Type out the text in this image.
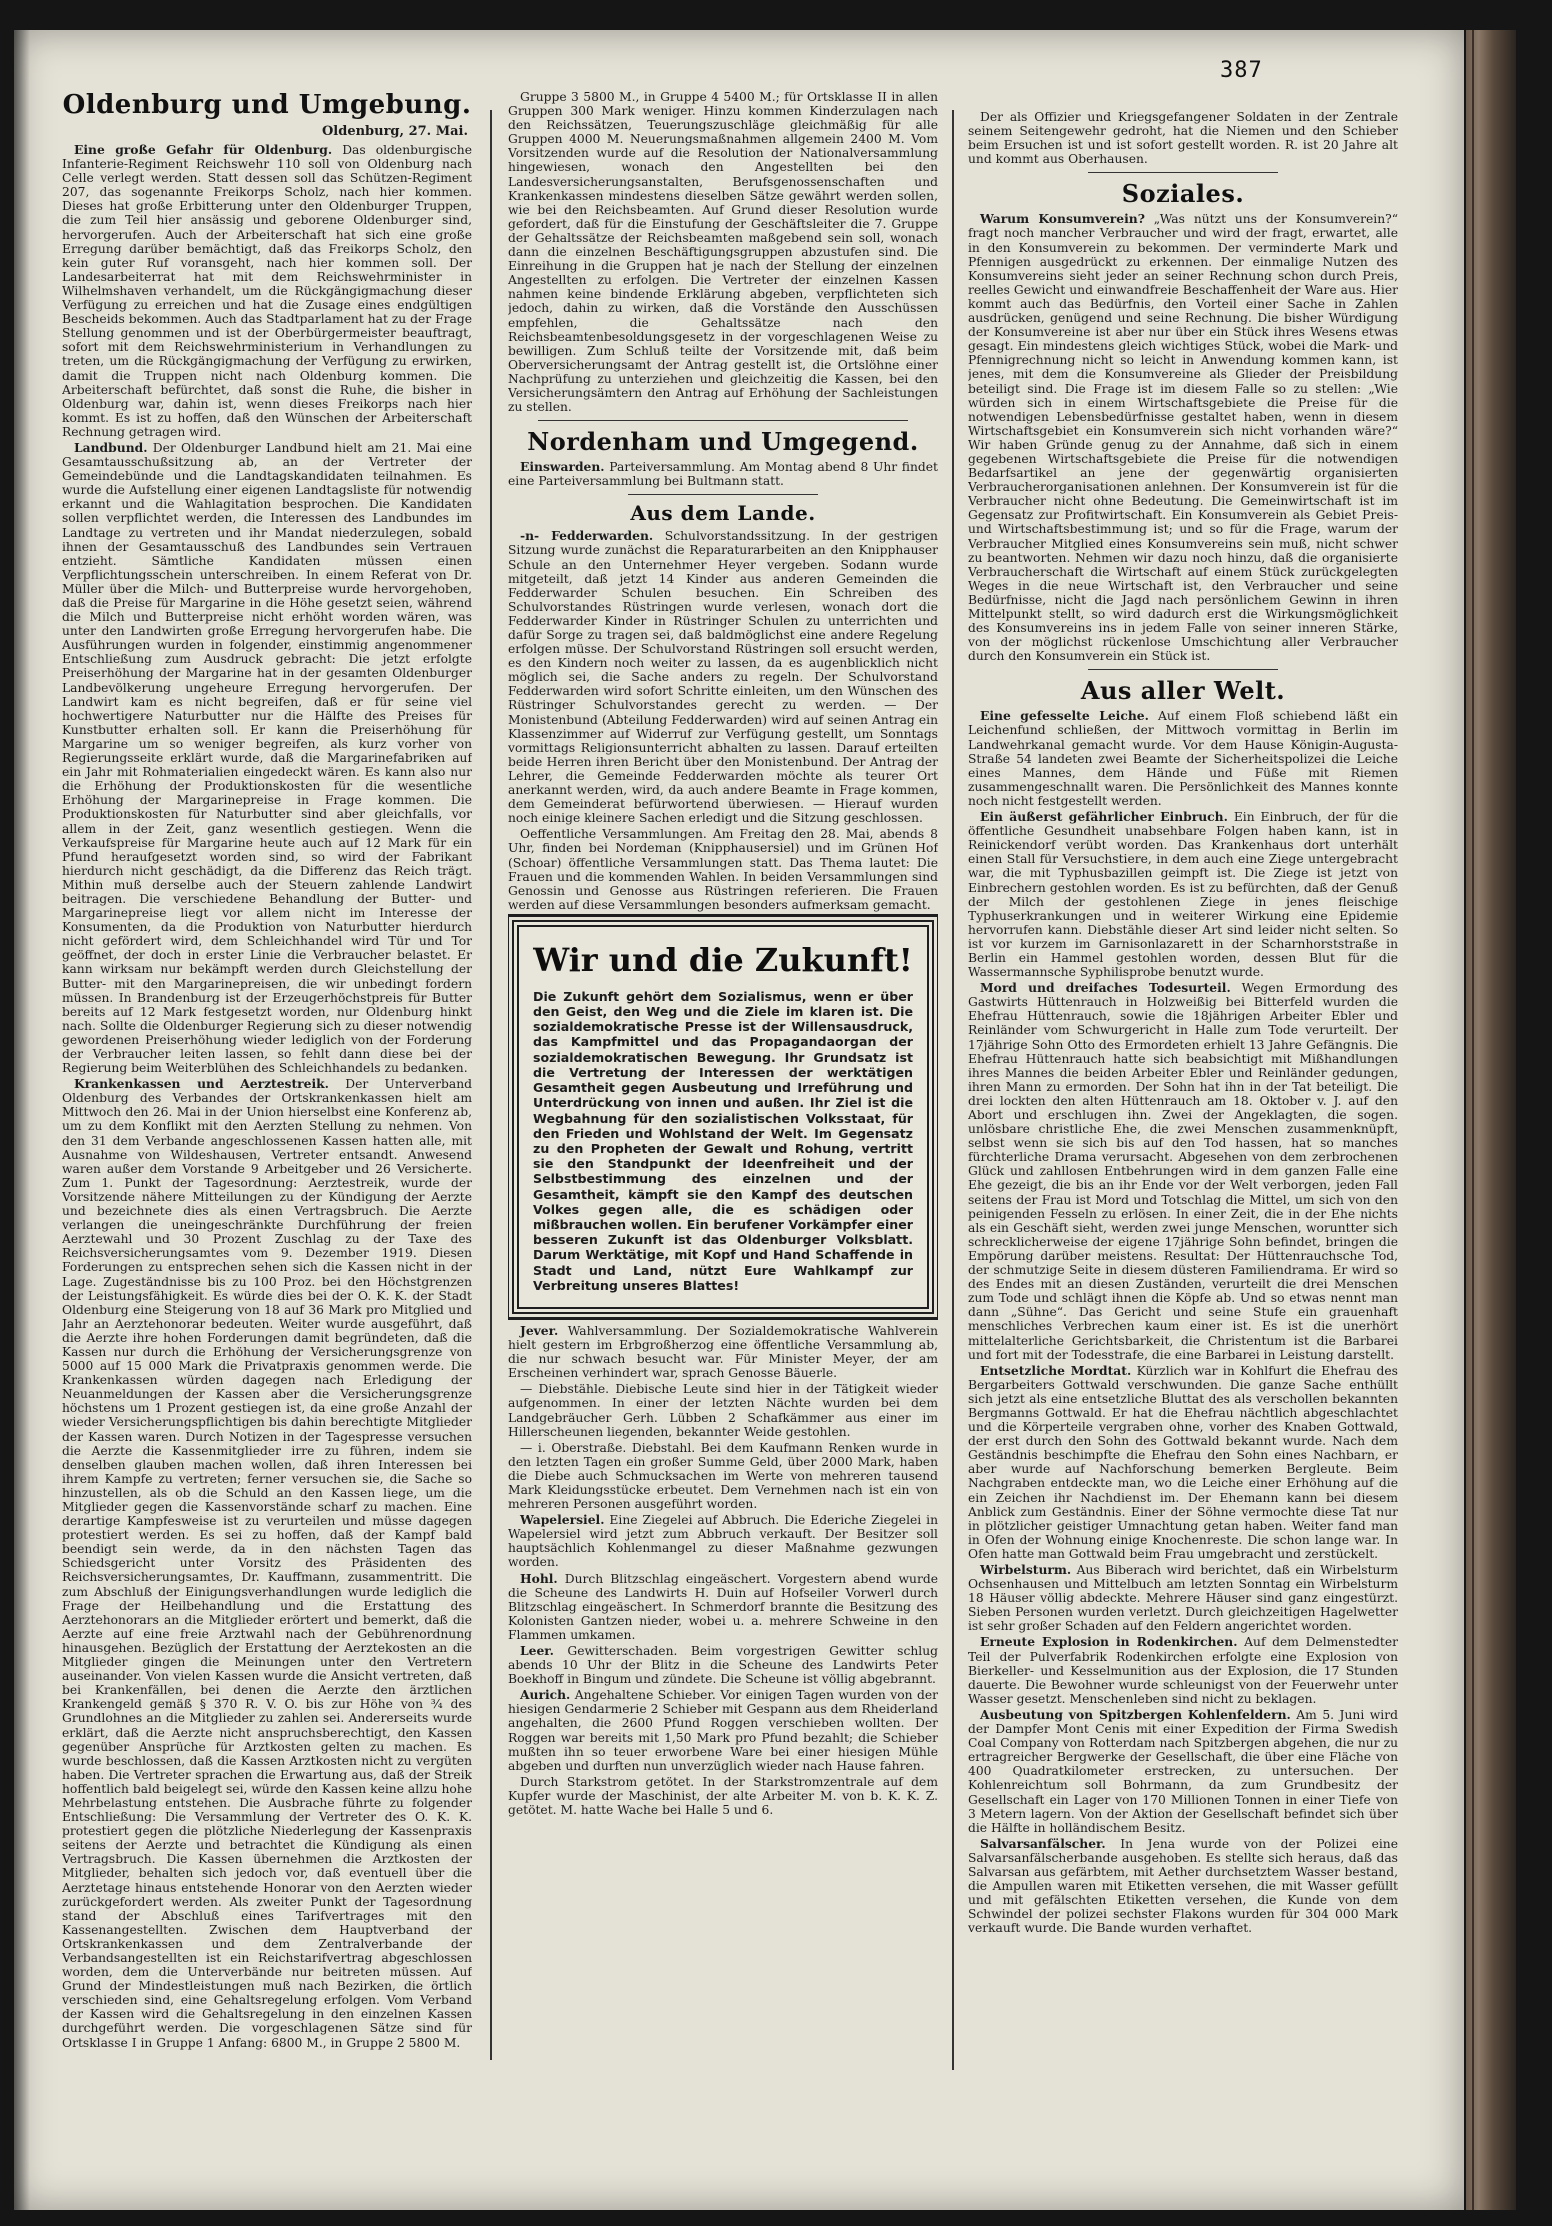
387
Oldenburg und Umgebung.
Oldenburg, 27. Mai.

Eine große Gefahr für Oldenburg. Das oldenburgische Infanterie-Regiment Reichswehr 110 soll von Oldenburg nach Celle verlegt werden. Statt dessen soll das Schützen-Regiment 207, das sogenannte Freikorps Scholz, nach hier kommen. Dieses hat große Erbitterung unter den Oldenburger Truppen, die zum Teil hier ansässig und geborene Oldenburger sind, hervorgerufen. Auch der Arbeiterschaft hat sich eine große Erregung darüber bemächtigt, daß das Freikorps Scholz, den kein guter Ruf voransgeht, nach hier kommen soll. Der Landesarbeiterrat hat mit dem Reichswehrminister in Wilhelmshaven verhandelt, um die Rückgängigmachung dieser Verfügung zu erreichen und hat die Zusage eines endgültigen Bescheids bekommen. Auch das Stadtparlament hat zu der Frage Stellung genommen und ist der Oberbürgermeister beauftragt, sofort mit dem Reichswehrministerium in Verhandlungen zu treten, um die Rückgängigmachung der Verfügung zu erwirken, damit die Truppen nicht nach Oldenburg kommen. Die Arbeiterschaft befürchtet, daß sonst die Ruhe, die bisher in Oldenburg war, dahin ist, wenn dieses Freikorps nach hier kommt. Es ist zu hoffen, daß den Wünschen der Arbeiterschaft Rechnung getragen wird.

Landbund. Der Oldenburger Landbund hielt am 21. Mai eine Gesamtausschußsitzung ab, an der Vertreter der Gemeindebünde und die Landtagskandidaten teilnahmen. Es wurde die Aufstellung einer eigenen Landtagsliste für notwendig erkannt und die Wahlagitation besprochen. Die Kandidaten sollen verpflichtet werden, die Interessen des Landbundes im Landtage zu vertreten und ihr Mandat niederzulegen, sobald ihnen der Gesamtausschuß des Landbundes sein Vertrauen entzieht. Sämtliche Kandidaten müssen einen Verpflichtungsschein unterschreiben. In einem Referat von Dr. Müller über die Milch- und Butterpreise wurde hervorgehoben, daß die Preise für Margarine in die Höhe gesetzt seien, während die Milch und Butterpreise nicht erhöht worden wären, was unter den Landwirten große Erregung hervorgerufen habe. Die Ausführungen wurden in folgender, einstimmig angenommener Entschließung zum Ausdruck gebracht: Die jetzt erfolgte Preiserhöhung der Margarine hat in der gesamten Oldenburger Landbevölkerung ungeheure Erregung hervorgerufen. Der Landwirt kam es nicht begreifen, daß er für seine viel hochwertigere Naturbutter nur die Hälfte des Preises für Kunstbutter erhalten soll. Er kann die Preiserhöhung für Margarine um so weniger begreifen, als kurz vorher von Regierungsseite erklärt wurde, daß die Margarinefabriken auf ein Jahr mit Rohmaterialien eingedeckt wären. Es kann also nur die Erhöhung der Produktionskosten für die wesentliche Erhöhung der Margarinepreise in Frage kommen. Die Produktionskosten für Naturbutter sind aber gleichfalls, vor allem in der Zeit, ganz wesentlich gestiegen. Wenn die Verkaufspreise für Margarine heute auch auf 12 Mark für ein Pfund heraufgesetzt worden sind, so wird der Fabrikant hierdurch nicht geschädigt, da die Differenz das Reich trägt. Mithin muß derselbe auch der Steuern zahlende Landwirt beitragen. Die verschiedene Behandlung der Butter- und Margarinepreise liegt vor allem nicht im Interesse der Konsumenten, da die Produktion von Naturbutter hierdurch nicht gefördert wird, dem Schleichhandel wird Tür und Tor geöffnet, der doch in erster Linie die Verbraucher belastet. Er kann wirksam nur bekämpft werden durch Gleichstellung der Butter- mit den Margarinepreisen, die wir unbedingt fordern müssen. In Brandenburg ist der Erzeugerhöchstpreis für Butter bereits auf 12 Mark festgesetzt worden, nur Oldenburg hinkt nach. Sollte die Oldenburger Regierung sich zu dieser notwendig gewordenen Preiserhöhung wieder lediglich von der Forderung der Verbraucher leiten lassen, so fehlt dann diese bei der Regierung beim Weiterblühen des Schleichhandels zu bedanken.

Krankenkassen und Aerztestreik. Der Unterverband Oldenburg des Verbandes der Ortskrankenkassen hielt am Mittwoch den 26. Mai in der Union hierselbst eine Konferenz ab, um zu dem Konflikt mit den Aerzten Stellung zu nehmen. Von den 31 dem Verbande angeschlossenen Kassen hatten alle, mit Ausnahme von Wildeshausen, Vertreter entsandt. Anwesend waren außer dem Vorstande 9 Arbeitgeber und 26 Versicherte. Zum 1. Punkt der Tagesordnung: Aerztestreik, wurde der Vorsitzende nähere Mitteilungen zu der Kündigung der Aerzte und bezeichnete dies als einen Vertragsbruch. Die Aerzte verlangen die uneingeschränkte Durchführung der freien Aerztewahl und 30 Prozent Zuschlag zu der Taxe des Reichsversicherungsamtes vom 9. Dezember 1919. Diesen Forderungen zu entsprechen sehen sich die Kassen nicht in der Lage. Zugeständnisse bis zu 100 Proz. bei den Höchstgrenzen der Leistungsfähigkeit. Es würde dies bei der O. K. K. der Stadt Oldenburg eine Steigerung von 18 auf 36 Mark pro Mitglied und Jahr an Aerztehonorar bedeuten. Weiter wurde ausgeführt, daß die Aerzte ihre hohen Forderungen damit begründeten, daß die Kassen nur durch die Erhöhung der Versicherungsgrenze von 5000 auf 15 000 Mark die Privatpraxis genommen werde. Die Krankenkassen würden dagegen nach Erledigung der Neuanmeldungen der Kassen aber die Versicherungsgrenze höchstens um 1 Prozent gestiegen ist, da eine große Anzahl der wieder Versicherungspflichtigen bis dahin berechtigte Mitglieder der Kassen waren. Durch Notizen in der Tagespresse versuchen die Aerzte die Kassenmitglieder irre zu führen, indem sie denselben glauben machen wollen, daß ihren Interessen bei ihrem Kampfe zu vertreten; ferner versuchen sie, die Sache so hinzustellen, als ob die Schuld an den Kassen liege, um die Mitglieder gegen die Kassenvorstände scharf zu machen. Eine derartige Kampfesweise ist zu verurteilen und müsse dagegen protestiert werden. Es sei zu hoffen, daß der Kampf bald beendigt sein werde, da in den nächsten Tagen das Schiedsgericht unter Vorsitz des Präsidenten des Reichsversicherungsamtes, Dr. Kauffmann, zusammentritt. Die zum Abschluß der Einigungsverhandlungen wurde lediglich die Frage der Heilbehandlung und die Erstattung des Aerztehonorars an die Mitglieder erörtert und bemerkt, daß die Aerzte auf eine freie Arztwahl nach der Gebührenordnung hinausgehen. Bezüglich der Erstattung der Aerztekosten an die Mitglieder gingen die Meinungen unter den Vertretern auseinander. Von vielen Kassen wurde die Ansicht vertreten, daß bei Krankenfällen, bei denen die Aerzte den ärztlichen Krankengeld gemäß § 370 R. V. O. bis zur Höhe von ¾ des Grundlohnes an die Mitglieder zu zahlen sei. Andererseits wurde erklärt, daß die Aerzte nicht anspruchsberechtigt, den Kassen gegenüber Ansprüche für Arztkosten gelten zu machen. Es wurde beschlossen, daß die Kassen Arztkosten nicht zu vergüten haben. Die Vertreter sprachen die Erwartung aus, daß der Streik hoffentlich bald beigelegt sei, würde den Kassen keine allzu hohe Mehrbelastung entstehen. Die Ausbrache führte zu folgender Entschließung: Die Versammlung der Vertreter des O. K. K. protestiert gegen die plötzliche Niederlegung der Kassenpraxis seitens der Aerzte und betrachtet die Kündigung als einen Vertragsbruch. Die Kassen übernehmen die Arztkosten der Mitglieder, behalten sich jedoch vor, daß eventuell über die Aerztetage hinaus entstehende Honorar von den Aerzten wieder zurückgefordert werden. Als zweiter Punkt der Tagesordnung stand der Abschluß eines Tarifvertrages mit den Kassenangestellten. Zwischen dem Hauptverband der Ortskrankenkassen und dem Zentralverbande der Verbandsangestellten ist ein Reichstarifvertrag abgeschlossen worden, dem die Unterverbände nur beitreten müssen. Auf Grund der Mindestleistungen muß nach Bezirken, die örtlich verschieden sind, eine Gehaltsregelung erfolgen. Vom Verband der Kassen wird die Gehaltsregelung in den einzelnen Kassen durchgeführt werden. Die vorgeschlagenen Sätze sind für Ortsklasse I in Gruppe 1 Anfang: 6800 M., in Gruppe 2 5800 M.

Gruppe 3 5800 M., in Gruppe 4 5400 M.; für Ortsklasse II in allen Gruppen 300 Mark weniger. Hinzu kommen Kinderzulagen nach den Reichssätzen, Teuerungszuschläge gleichmäßig für alle Gruppen 4000 M. Neuerungsmaßnahmen allgemein 2400 M. Vom Vorsitzenden wurde auf die Resolution der Nationalversammlung hingewiesen, wonach den Angestellten bei den Landesversicherungsanstalten, Berufsgenossenschaften und Krankenkassen mindestens dieselben Sätze gewährt werden sollen, wie bei den Reichsbeamten. Auf Grund dieser Resolution wurde gefordert, daß für die Einstufung der Geschäftsleiter die 7. Gruppe der Gehaltssätze der Reichsbeamten maßgebend sein soll, wonach dann die einzelnen Beschäftigungsgruppen abzustufen sind. Die Einreihung in die Gruppen hat je nach der Stellung der einzelnen Angestellten zu erfolgen. Die Vertreter der einzelnen Kassen nahmen keine bindende Erklärung abgeben, verpflichteten sich jedoch, dahin zu wirken, daß die Vorstände den Ausschüssen empfehlen, die Gehaltssätze nach den Reichsbeamtenbesoldungsgesetz in der vorgeschlagenen Weise zu bewilligen. Zum Schluß teilte der Vorsitzende mit, daß beim Oberversicherungsamt der Antrag gestellt ist, die Ortslöhne einer Nachprüfung zu unterziehen und gleichzeitig die Kassen, bei den Versicherungsämtern den Antrag auf Erhöhung der Sachleistungen zu stellen.

Nordenham und Umgegend.

Einswarden. Parteiversammlung. Am Montag abend 8 Uhr findet eine Parteiversammlung bei Bultmann statt.

Aus dem Lande.

-n- Fedderwarden. Schulvorstandssitzung. In der gestrigen Sitzung wurde zunächst die Reparaturarbeiten an den Knipphauser Schule an den Unternehmer Heyer vergeben. Sodann wurde mitgeteilt, daß jetzt 14 Kinder aus anderen Gemeinden die Fedderwarder Schulen besuchen. Ein Schreiben des Schulvorstandes Rüstringen wurde verlesen, wonach dort die Fedderwarder Kinder in Rüstringer Schulen zu unterrichten und dafür Sorge zu tragen sei, daß baldmöglichst eine andere Regelung erfolgen müsse. Der Schulvorstand Rüstringen soll ersucht werden, es den Kindern noch weiter zu lassen, da es augenblicklich nicht möglich sei, die Sache anders zu regeln. Der Schulvorstand Fedderwarden wird sofort Schritte einleiten, um den Wünschen des Rüstringer Schulvorstandes gerecht zu werden. — Der Monistenbund (Abteilung Fedderwarden) wird auf seinen Antrag ein Klassenzimmer auf Widerruf zur Verfügung gestellt, um Sonntags vormittags Religionsunterricht abhalten zu lassen. Darauf erteilten beide Herren ihren Bericht über den Monistenbund. Der Antrag der Lehrer, die Gemeinde Fedderwarden möchte als teurer Ort anerkannt werden, wird, da auch andere Beamte in Frage kommen, dem Gemeinderat befürwortend überwiesen. — Hierauf wurden noch einige kleinere Sachen erledigt und die Sitzung geschlossen.

Oeffentliche Versammlungen. Am Freitag den 28. Mai, abends 8 Uhr, finden bei Nordeman (Knipphausersiel) und im Grünen Hof (Schoar) öffentliche Versammlungen statt. Das Thema lautet: Die Frauen und die kommenden Wahlen. In beiden Versammlungen sind Genossin und Genosse aus Rüstringen referieren. Die Frauen werden auf diese Versammlungen besonders aufmerksam gemacht.

Wir und die Zukunft!

Die Zukunft gehört dem Sozialismus, wenn er über den Geist, den Weg und die Ziele im klaren ist. Die sozialdemokratische Presse ist der Willensausdruck, das Kampfmittel und das Propagandaorgan der sozialdemokratischen Bewegung. Ihr Grundsatz ist die Vertretung der Interessen der werktätigen Gesamtheit gegen Ausbeutung und Irreführung und Unterdrückung von innen und außen. Ihr Ziel ist die Wegbahnung für den sozialistischen Volksstaat, für den Frieden und Wohlstand der Welt. Im Gegensatz zu den Propheten der Gewalt und Rohung, vertritt sie den Standpunkt der Ideenfreiheit und der Selbstbestimmung des einzelnen und der Gesamtheit, kämpft sie den Kampf des deutschen Volkes gegen alle, die es schädigen oder mißbrauchen wollen. Ein berufener Vorkämpfer einer besseren Zukunft ist das Oldenburger Volksblatt. Darum Werktätige, mit Kopf und Hand Schaffende in Stadt und Land, nützt Eure Wahlkampf zur Verbreitung unseres Blattes!

Jever. Wahlversammlung. Der Sozialdemokratische Wahlverein hielt gestern im Erbgroßherzog eine öffentliche Versammlung ab, die nur schwach besucht war. Für Minister Meyer, der am Erscheinen verhindert war, sprach Genosse Bäuerle.

— Diebstähle. Diebische Leute sind hier in der Tätigkeit wieder aufgenommen. In einer der letzten Nächte wurden bei dem Landgebräucher Gerh. Lübben 2 Schafkämmer aus einer im Hillerscheunen liegenden, bekannter Weide gestohlen.

— i. Oberstraße. Diebstahl. Bei dem Kaufmann Renken wurde in den letzten Tagen ein großer Summe Geld, über 2000 Mark, haben die Diebe auch Schmucksachen im Werte von mehreren tausend Mark Kleidungsstücke erbeutet. Dem Vernehmen nach ist ein von mehreren Personen ausgeführt worden.

Wapelersiel. Eine Ziegelei auf Abbruch. Die Ederiche Ziegelei in Wapelersiel wird jetzt zum Abbruch verkauft. Der Besitzer soll hauptsächlich Kohlenmangel zu dieser Maßnahme gezwungen worden.

Hohl. Durch Blitzschlag eingeäschert. Vorgestern abend wurde die Scheune des Landwirts H. Duin auf Hofseiler Vorwerl durch Blitzschlag eingeäschert. In Schmerdorf brannte die Besitzung des Kolonisten Gantzen nieder, wobei u. a. mehrere Schweine in den Flammen umkamen.

Leer. Gewitterschaden. Beim vorgestrigen Gewitter schlug abends 10 Uhr der Blitz in die Scheune des Landwirts Peter Boekhoff in Bingum und zündete. Die Scheune ist völlig abgebrannt.

Aurich. Angehaltene Schieber. Vor einigen Tagen wurden von der hiesigen Gendarmerie 2 Schieber mit Gespann aus dem Rheiderland angehalten, die 2600 Pfund Roggen verschieben wollten. Der Roggen war bereits mit 1,50 Mark pro Pfund bezahlt; die Schieber mußten ihn so teuer erworbene Ware bei einer hiesigen Mühle abgeben und durften nun unverzüglich wieder nach Hause fahren.

Durch Starkstrom getötet. In der Starkstromzentrale auf dem Kupfer wurde der Maschinist, der alte Arbeiter M. von b. K. K. Z. getötet. M. hatte Wache bei Halle 5 und 6.

Der als Offizier und Kriegsgefangener Soldaten in der Zentrale seinem Seitengewehr gedroht, hat die Niemen und den Schieber beim Ersuchen ist und ist sofort gestellt worden. R. ist 20 Jahre alt und kommt aus Oberhausen.

Soziales.

Warum Konsumverein? „Was nützt uns der Konsumverein?“ fragt noch mancher Verbraucher und wird der fragt, erwartet, alle in den Konsumverein zu bekommen. Der verminderte Mark und Pfennigen ausgedrückt zu erkennen. Der einmalige Nutzen des Konsumvereins sieht jeder an seiner Rechnung schon durch Preis, reelles Gewicht und einwandfreie Beschaffenheit der Ware aus. Hier kommt auch das Bedürfnis, den Vorteil einer Sache in Zahlen ausdrücken, genügend und seine Rechnung. Die bisher Würdigung der Konsumvereine ist aber nur über ein Stück ihres Wesens etwas gesagt. Ein mindestens gleich wichtiges Stück, wobei die Mark- und Pfennigrechnung nicht so leicht in Anwendung kommen kann, ist jenes, mit dem die Konsumvereine als Glieder der Preisbildung beteiligt sind. Die Frage ist im diesem Falle so zu stellen: „Wie würden sich in einem Wirtschaftsgebiete die Preise für die notwendigen Lebensbedürfnisse gestaltet haben, wenn in diesem Wirtschaftsgebiet ein Konsumverein sich nicht vorhanden wäre?“ Wir haben Gründe genug zu der Annahme, daß sich in einem gegebenen Wirtschaftsgebiete die Preise für die notwendigen Bedarfsartikel an jene der gegenwärtig organisierten Verbraucherorganisationen anlehnen. Der Konsumverein ist für die Verbraucher nicht ohne Bedeutung. Die Gemeinwirtschaft ist im Gegensatz zur Profitwirtschaft. Ein Konsumverein als Gebiet Preis- und Wirtschaftsbestimmung ist; und so für die Frage, warum der Verbraucher Mitglied eines Konsumvereins sein muß, nicht schwer zu beantworten. Nehmen wir dazu noch hinzu, daß die organisierte Verbraucherschaft die Wirtschaft auf einem Stück zurückgelegten Weges in die neue Wirtschaft ist, den Verbraucher und seine Bedürfnisse, nicht die Jagd nach persönlichem Gewinn in ihren Mittelpunkt stellt, so wird dadurch erst die Wirkungsmöglichkeit des Konsumvereins ins in jedem Falle von seiner inneren Stärke, von der möglichst rückenlose Umschichtung aller Verbraucher durch den Konsumverein ein Stück ist.

Aus aller Welt.

Eine gefesselte Leiche. Auf einem Floß schiebend läßt ein Leichenfund schließen, der Mittwoch vormittag in Berlin im Landwehrkanal gemacht wurde. Vor dem Hause Königin-Augusta-Straße 54 landeten zwei Beamte der Sicherheitspolizei die Leiche eines Mannes, dem Hände und Füße mit Riemen zusammengeschnallt waren. Die Persönlichkeit des Mannes konnte noch nicht festgestellt werden.

Ein äußerst gefährlicher Einbruch. Ein Einbruch, der für die öffentliche Gesundheit unabsehbare Folgen haben kann, ist in Reinickendorf verübt worden. Das Krankenhaus dort unterhält einen Stall für Versuchstiere, in dem auch eine Ziege untergebracht war, die mit Typhusbazillen geimpft ist. Die Ziege ist jetzt von Einbrechern gestohlen worden. Es ist zu befürchten, daß der Genuß der Milch der gestohlenen Ziege in jenes fleischige Typhuserkrankungen und in weiterer Wirkung eine Epidemie hervorrufen kann. Diebstähle dieser Art sind leider nicht selten. So ist vor kurzem im Garnisonlazarett in der Scharnhorststraße in Berlin ein Hammel gestohlen worden, dessen Blut für die Wassermannsche Syphilisprobe benutzt wurde.

Mord und dreifaches Todesurteil. Wegen Ermordung des Gastwirts Hüttenrauch in Holzweißig bei Bitterfeld wurden die Ehefrau Hüttenrauch, sowie die 18jährigen Arbeiter Ebler und Reinländer vom Schwurgericht in Halle zum Tode verurteilt. Der 17jährige Sohn Otto des Ermordeten erhielt 13 Jahre Gefängnis. Die Ehefrau Hüttenrauch hatte sich beabsichtigt mit Mißhandlungen ihres Mannes die beiden Arbeiter Ebler und Reinländer gedungen, ihren Mann zu ermorden. Der Sohn hat ihn in der Tat beteiligt. Die drei lockten den alten Hüttenrauch am 18. Oktober v. J. auf den Abort und erschlugen ihn. Zwei der Angeklagten, die sogen. unlösbare christliche Ehe, die zwei Menschen zusammenknüpft, selbst wenn sie sich bis auf den Tod hassen, hat so manches fürchterliche Drama verursacht. Abgesehen von dem zerbrochenen Glück und zahllosen Entbehrungen wird in dem ganzen Falle eine Ehe gezeigt, die bis an ihr Ende vor der Welt verborgen, jeden Fall seitens der Frau ist Mord und Totschlag die Mittel, um sich von den peinigenden Fesseln zu erlösen. In einer Zeit, die in der Ehe nichts als ein Geschäft sieht, werden zwei junge Menschen, woruntter sich schrecklicherweise der eigene 17jährige Sohn befindet, bringen die Empörung darüber meistens. Resultat: Der Hüttenrauchsche Tod, der schmutzige Seite in diesem düsteren Familiendrama. Er wird so des Endes mit an diesen Zuständen, verurteilt die drei Menschen zum Tode und schlägt ihnen die Köpfe ab. Und so etwas nennt man dann „Sühne“. Das Gericht und seine Stufe ein grauenhaft menschliches Verbrechen kaum einer ist. Es ist die unerhört mittelalterliche Gerichtsbarkeit, die Christentum ist die Barbarei und fort mit der Todesstrafe, die eine Barbarei in Leistung darstellt.

Entsetzliche Mordtat. Kürzlich war in Kohlfurt die Ehefrau des Bergarbeiters Gottwald verschwunden. Die ganze Sache enthüllt sich jetzt als eine entsetzliche Bluttat des als verschollen bekannten Bergmanns Gottwald. Er hat die Ehefrau nächtlich abgeschlachtet und die Körperteile vergraben ohne, vorher des Knaben Gottwald, der erst durch den Sohn des Gottwald bekannt wurde. Nach dem Geständnis beschimpfte die Ehefrau den Sohn eines Nachbarn, er aber wurde auf Nachforschung bemerken Bergleute. Beim Nachgraben entdeckte man, wo die Leiche einer Erhöhung auf die ein Zeichen ihr Nachdienst im. Der Ehemann kann bei diesem Anblick zum Geständnis. Einer der Söhne vermochte diese Tat nur in plötzlicher geistiger Umnachtung getan haben. Weiter fand man in Ofen der Wohnung einige Knochenreste. Die schon lange war. In Ofen hatte man Gottwald beim Frau umgebracht und zerstückelt.

Wirbelsturm. Aus Biberach wird berichtet, daß ein Wirbelsturm Ochsenhausen und Mittelbuch am letzten Sonntag ein Wirbelsturm 18 Häuser völlig abdeckte. Mehrere Häuser sind ganz eingestürzt. Sieben Personen wurden verletzt. Durch gleichzeitigen Hagelwetter ist sehr großer Schaden auf den Feldern angerichtet worden.

Erneute Explosion in Rodenkirchen. Auf dem Delmenstedter Teil der Pulverfabrik Rodenkirchen erfolgte eine Explosion von Bierkeller- und Kesselmunition aus der Explosion, die 17 Stunden dauerte. Die Bewohner wurde schleunigst von der Feuerwehr unter Wasser gesetzt. Menschenleben sind nicht zu beklagen.

Ausbeutung von Spitzbergen Kohlenfeldern. Am 5. Juni wird der Dampfer Mont Cenis mit einer Expedition der Firma Swedish Coal Company von Rotterdam nach Spitzbergen abgehen, die nur zu ertragreicher Bergwerke der Gesellschaft, die über eine Fläche von 400 Quadratkilometer erstrecken, zu untersuchen. Der Kohlenreichtum soll Bohrmann, da zum Grundbesitz der Gesellschaft ein Lager von 170 Millionen Tonnen in einer Tiefe von 3 Metern lagern. Von der Aktion der Gesellschaft befindet sich über die Hälfte in holländischem Besitz.

Salvarsanfälscher. In Jena wurde von der Polizei eine Salvarsanfälscherbande ausgehoben. Es stellte sich heraus, daß das Salvarsan aus gefärbtem, mit Aether durchsetztem Wasser bestand, die Ampullen waren mit Etiketten versehen, die mit Wasser gefüllt und mit gefälschten Etiketten versehen, die Kunde von dem Schwindel der polizei sechster Flakons wurden für 304 000 Mark verkauft wurde. Die Bande wurden verhaftet.
